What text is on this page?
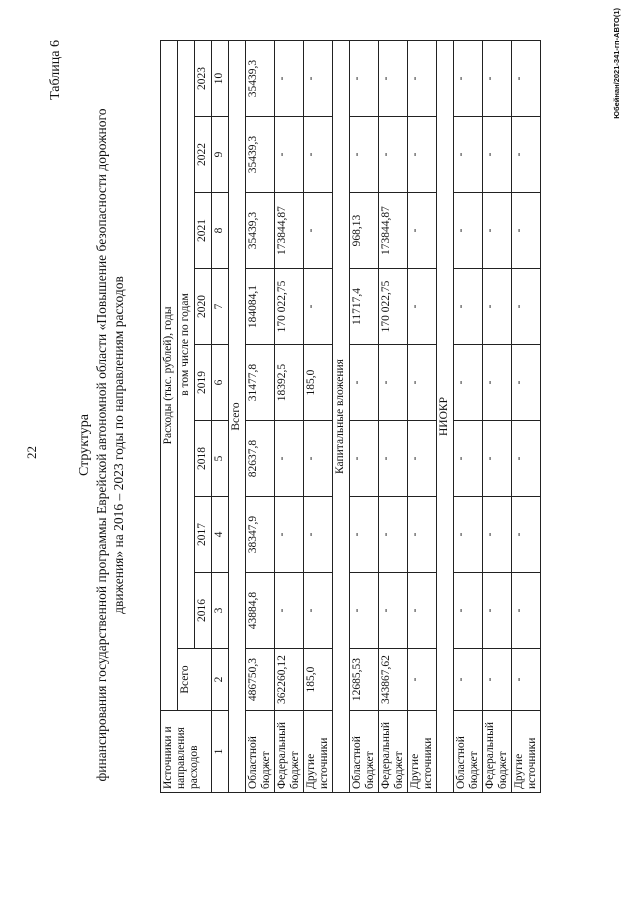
22
Таблица 6
Структура финансирования государственной программы Еврейской автономной области «Повышение безопасности дорожного движения» на 2016 – 2023 годы по направлениям расходов
Источники и направления расходов	Расходы (тыс. рублей), годы								
	Всего	в том числе по годам							
		2016	2017	2018	2019	2020	2021	2022	2023
1	2	3	4	5	6	7	8	9	10
Всего									
Областной бюджет	486750,3	43884,8	38347,9	82637,8	31477,8	184084,1	35439,3	35439,3	35439,3
Федеральный бюджет	362260,12	-	-	-	18392,5	170 022,75	173844,87	-	-
Другие источники	185,0	-	-	-	185,0	-	-	-	-
Капитальные вложения									
Областной бюджет	12685,53	-	-	-	-	11717,4	968,13	-	-
Федеральный бюджет	343867,62	-	-	-	-	170 022,75	173844,87	-	-
Другие источники	-	-	-	-	-	-	-	-	-
НИОКР									
Областной бюджет	-	-	-	-	-	-	-	-	-
Федеральный бюджет	-	-	-	-	-	-	-	-	-
Другие источники	-	-	-	-	-	-	-	-	-	Юбейнан/2021-341-гп-АВТО(1)
